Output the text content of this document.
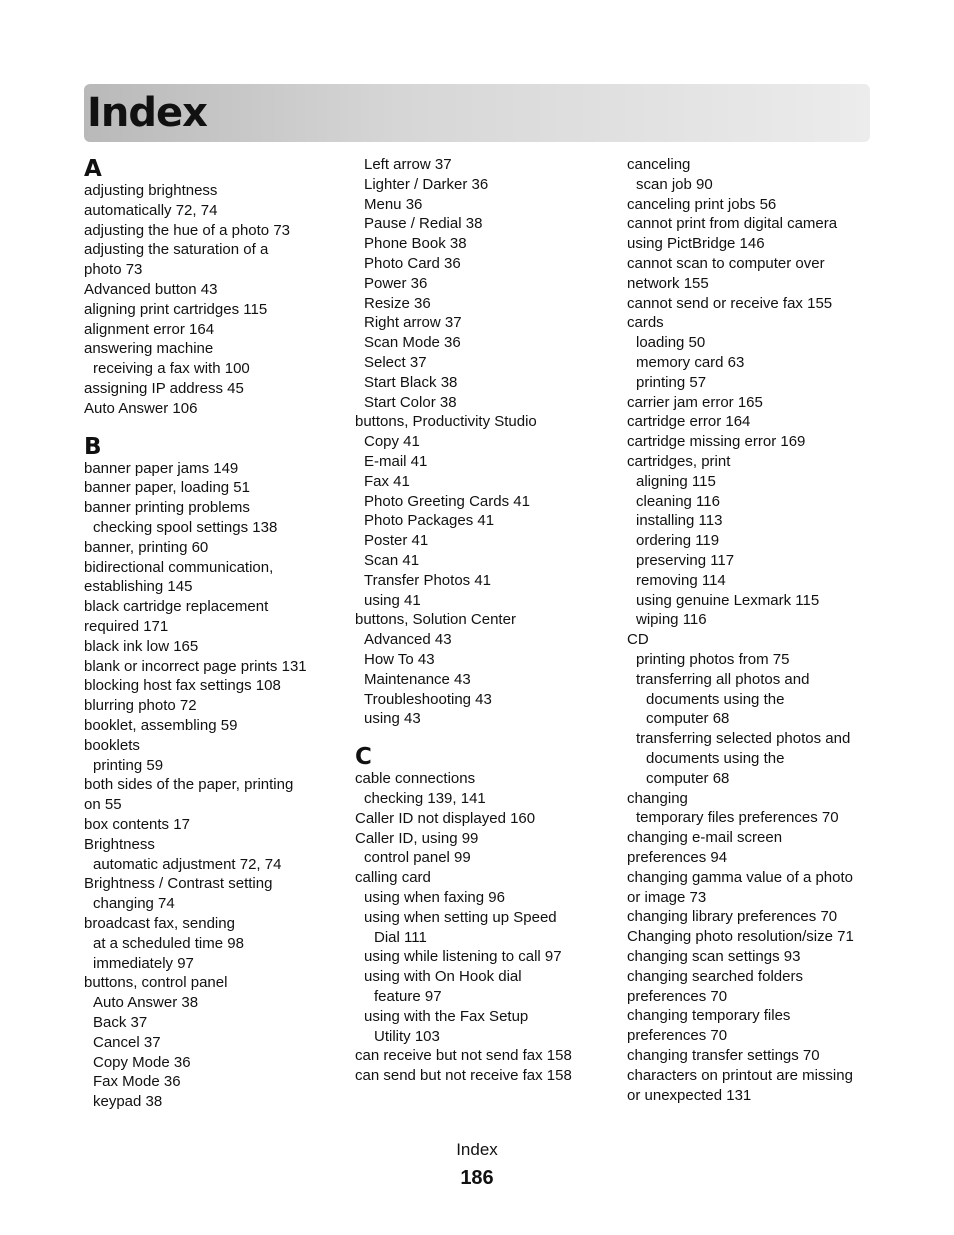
Index
A
adjusting brightness
automatically 72, 74
adjusting the hue of a photo 73
adjusting the saturation of a
photo 73
Advanced button 43
aligning print cartridges 115
alignment error 164
answering machine
receiving a fax with 100
assigning IP address 45
Auto Answer 106
B
banner paper jams 149
banner paper, loading 51
banner printing problems
checking spool settings 138
banner, printing 60
bidirectional communication,
establishing 145
black cartridge replacement
required 171
black ink low 165
blank or incorrect page prints 131
blocking host fax settings 108
blurring photo 72
booklet, assembling 59
booklets
printing 59
both sides of the paper, printing
on 55
box contents 17
Brightness
automatic adjustment 72, 74
Brightness / Contrast setting
changing 74
broadcast fax, sending
at a scheduled time 98
immediately 97
buttons, control panel
Auto Answer 38
Back 37
Cancel 37
Copy Mode 36
Fax Mode 36
keypad 38
Left arrow 37
Lighter / Darker 36
Menu 36
Pause / Redial 38
Phone Book 38
Photo Card 36
Power 36
Resize 36
Right arrow 37
Scan Mode 36
Select 37
Start Black 38
Start Color 38
buttons, Productivity Studio
Copy 41
E-mail 41
Fax 41
Photo Greeting Cards 41
Photo Packages 41
Poster 41
Scan 41
Transfer Photos 41
using 41
buttons, Solution Center
Advanced 43
How To 43
Maintenance 43
Troubleshooting 43
using 43
C
cable connections
checking 139, 141
Caller ID not displayed 160
Caller ID, using 99
control panel 99
calling card
using when faxing 96
using when setting up Speed
Dial 111
using while listening to call 97
using with On Hook dial
feature 97
using with the Fax Setup
Utility 103
can receive but not send fax 158
can send but not receive fax 158
canceling
scan job 90
canceling print jobs 56
cannot print from digital camera
using PictBridge 146
cannot scan to computer over
network 155
cannot send or receive fax 155
cards
loading 50
memory card 63
printing 57
carrier jam error 165
cartridge error 164
cartridge missing error 169
cartridges, print
aligning 115
cleaning 116
installing 113
ordering 119
preserving 117
removing 114
using genuine Lexmark 115
wiping 116
CD
printing photos from 75
transferring all photos and
documents using the
computer 68
transferring selected photos and
documents using the
computer 68
changing
temporary files preferences 70
changing e-mail screen
preferences 94
changing gamma value of a photo
or image 73
changing library preferences 70
Changing photo resolution/size 71
changing scan settings 93
changing searched folders
preferences 70
changing temporary files
preferences 70
changing transfer settings 70
characters on printout are missing
or unexpected 131
Index
186
